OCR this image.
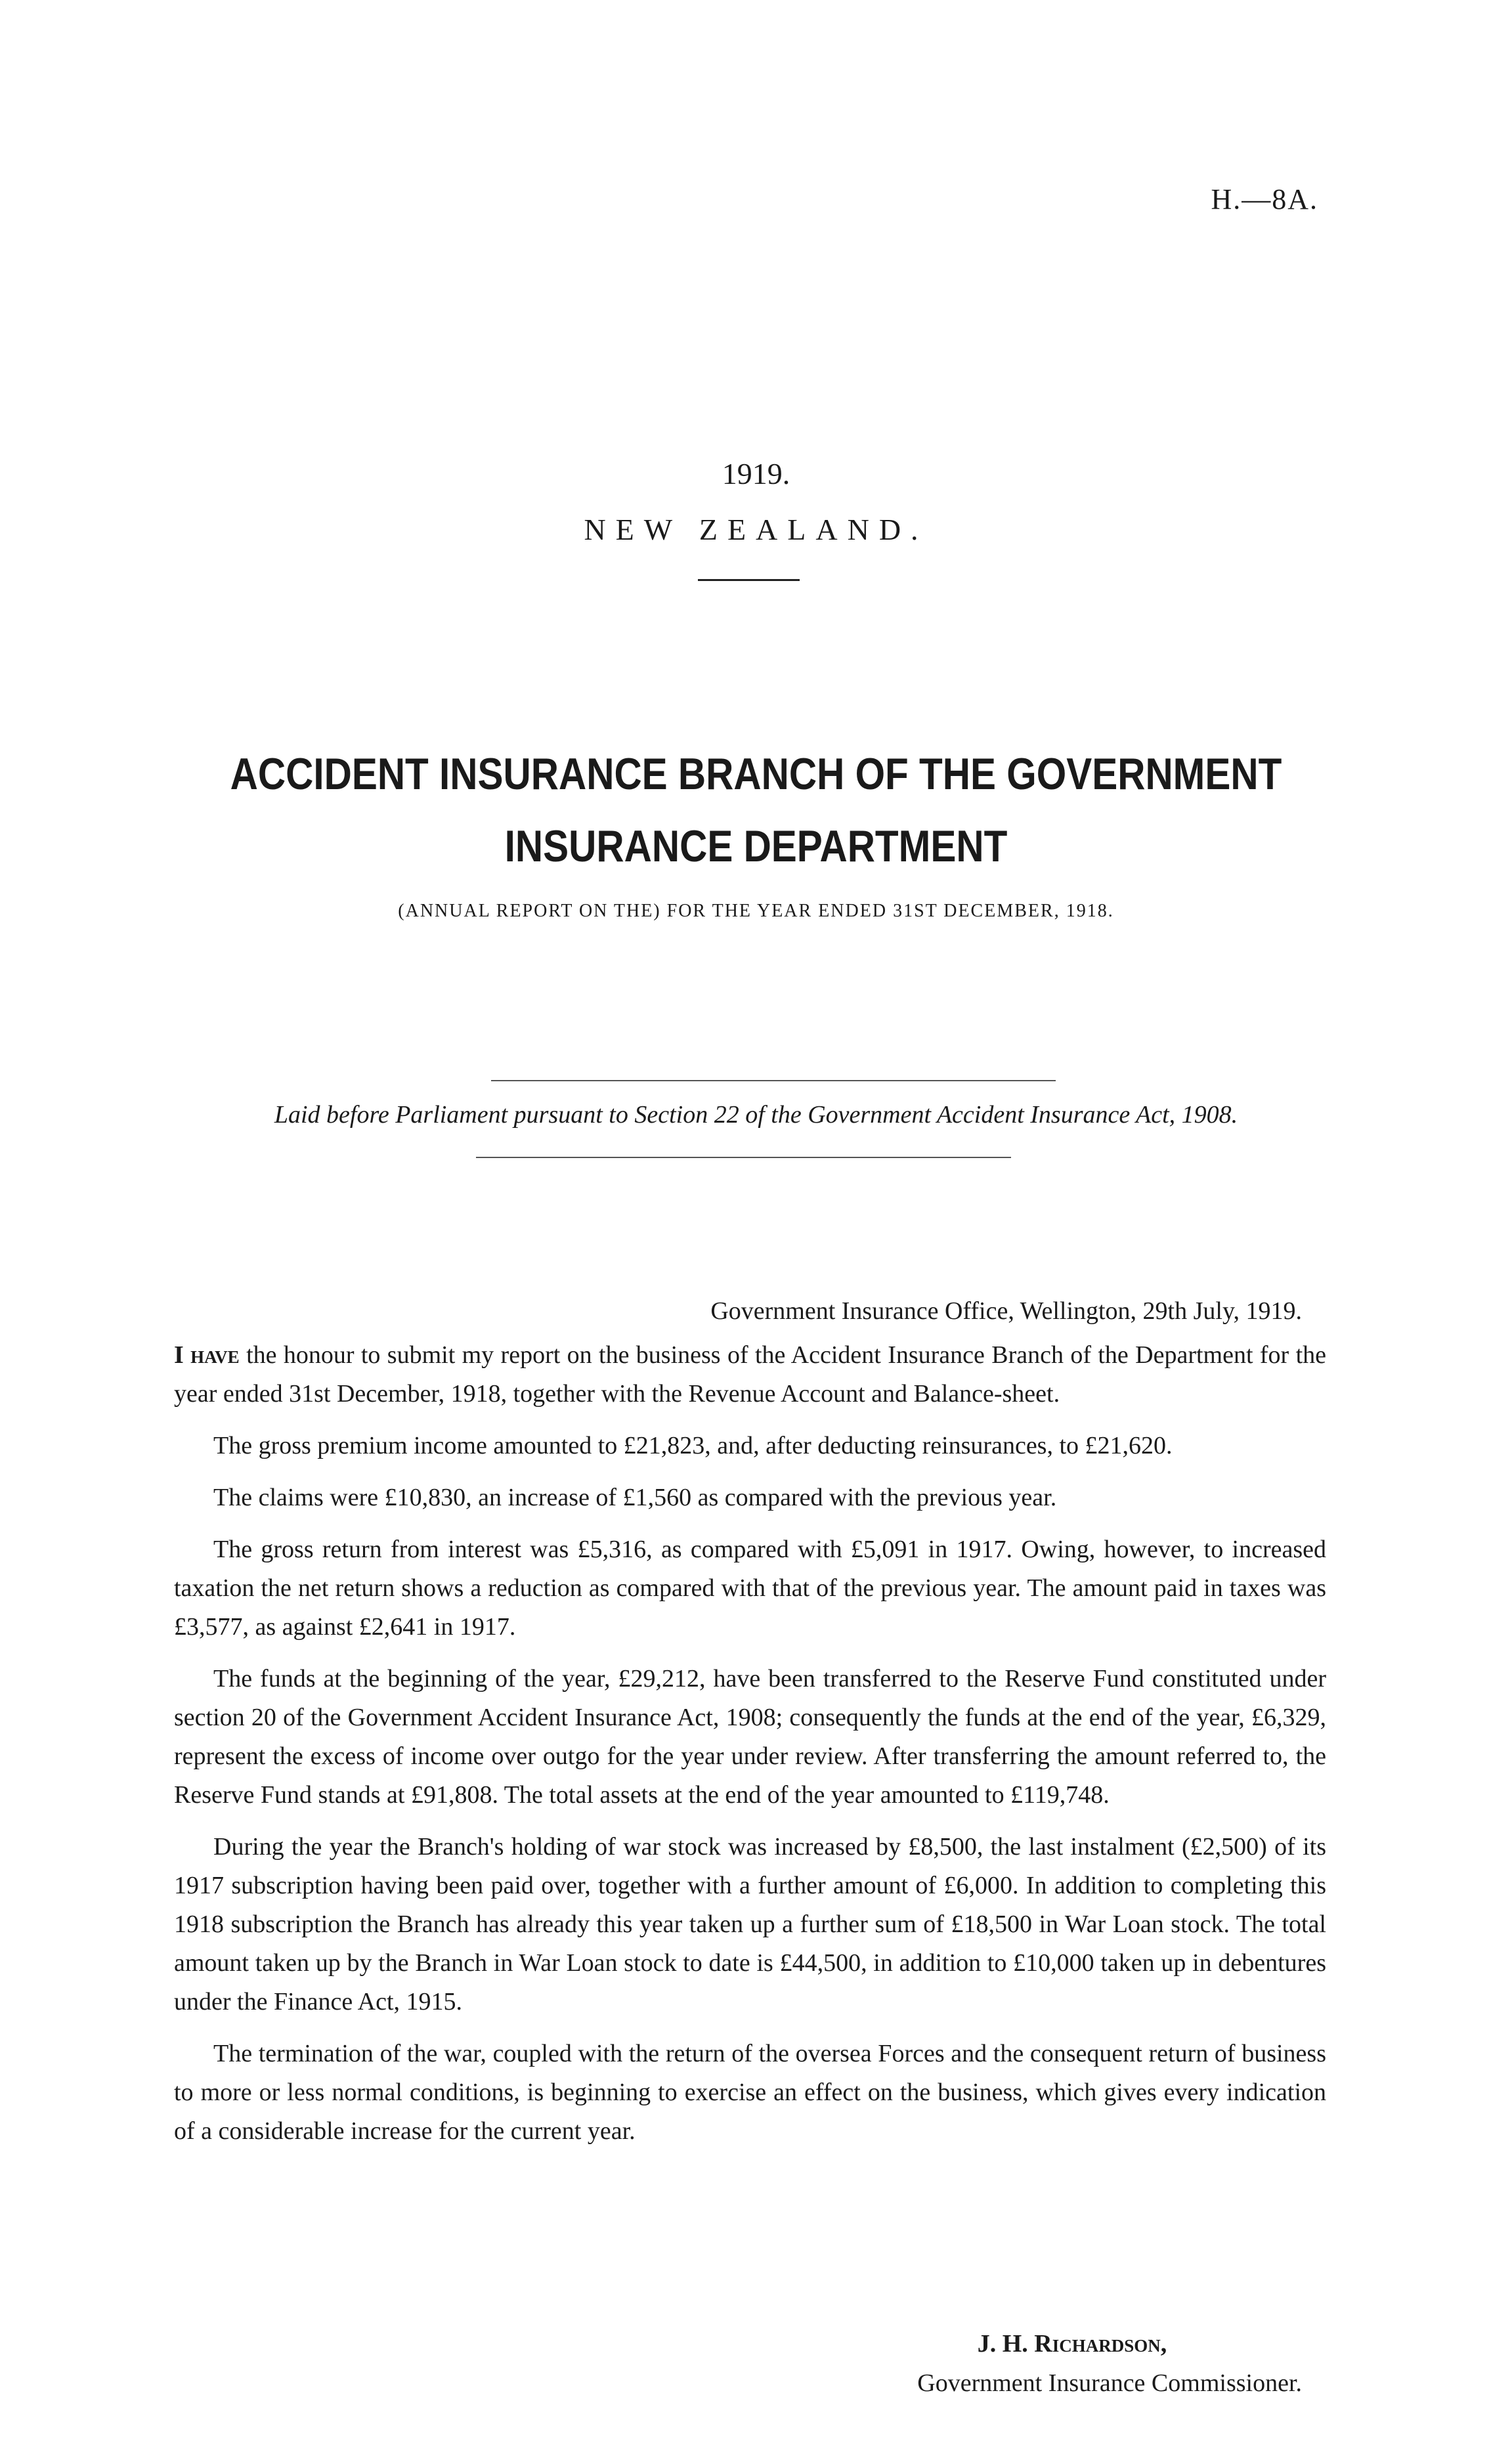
H.—8A.
1919.
NEW ZEALAND.
ACCIDENT INSURANCE BRANCH OF THE GOVERNMENT
INSURANCE DEPARTMENT
(ANNUAL REPORT ON THE) FOR THE YEAR ENDED 31ST DECEMBER, 1918.
Laid before Parliament pursuant to Section 22 of the Government Accident Insurance Act, 1908.
Government Insurance Office, Wellington, 29th July, 1919.

I have the honour to submit my report on the business of the Accident Insurance Branch of the Department for the year ended 31st December, 1918, together with the Revenue Account and Balance-sheet.

The gross premium income amounted to £21,823, and, after deducting reinsurances, to £21,620.

The claims were £10,830, an increase of £1,560 as compared with the previous year.

The gross return from interest was £5,316, as compared with £5,091 in 1917. Owing, however, to increased taxation the net return shows a reduction as compared with that of the previous year. The amount paid in taxes was £3,577, as against £2,641 in 1917.

The funds at the beginning of the year, £29,212, have been transferred to the Reserve Fund constituted under section 20 of the Government Accident Insurance Act, 1908; consequently the funds at the end of the year, £6,329, represent the excess of income over outgo for the year under review. After transferring the amount referred to, the Reserve Fund stands at £91,808. The total assets at the end of the year amounted to £119,748.

During the year the Branch's holding of war stock was increased by £8,500, the last instalment (£2,500) of its 1917 subscription having been paid over, together with a further amount of £6,000. In addition to completing this 1918 subscription the Branch has already this year taken up a further sum of £18,500 in War Loan stock. The total amount taken up by the Branch in War Loan stock to date is £44,500, in addition to £10,000 taken up in debentures under the Finance Act, 1915.

The termination of the war, coupled with the return of the oversea Forces and the consequent return of business to more or less normal conditions, is beginning to exercise an effect on the business, which gives every indication of a considerable increase for the current year.

J. H. Richardson,
Government Insurance Commissioner.
